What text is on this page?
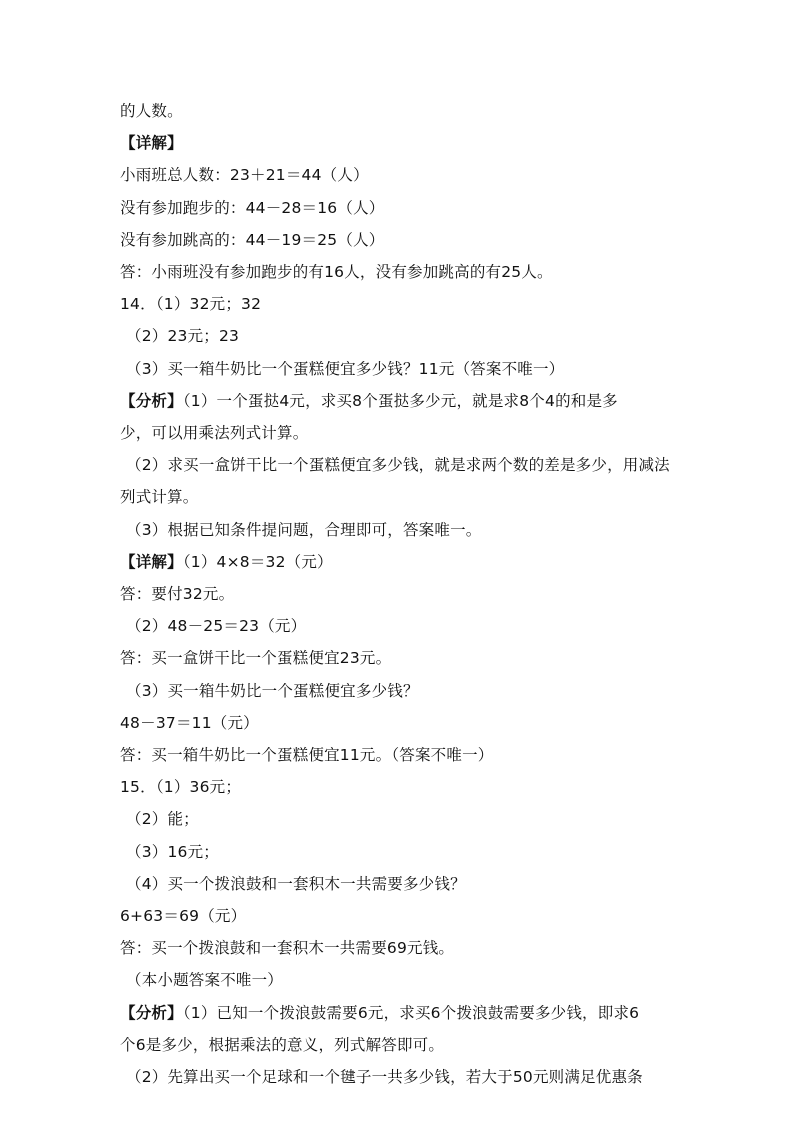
的人数。
【详解】
小雨班总人数：23＋21＝44（人）
没有参加跑步的：44－28＝16（人）
没有参加跳高的：44－19＝25（人）
答：小雨班没有参加跑步的有16人，没有参加跳高的有25人。
14．（1）32元；32
（2）23元；23
（3）买一箱牛奶比一个蛋糕便宜多少钱？11元（答案不唯一）
【分析】（1）一个蛋挞4元，求买8个蛋挞多少元，就是求8个4的和是多
少，可以用乘法列式计算。
（2）求买一盒饼干比一个蛋糕便宜多少钱，就是求两个数的差是多少，用减法
列式计算。
（3）根据已知条件提问题，合理即可，答案唯一。
【详解】（1）4×8＝32（元）
答：要付32元。
（2）48－25＝23（元）
答：买一盒饼干比一个蛋糕便宜23元。
（3）买一箱牛奶比一个蛋糕便宜多少钱？
48－37＝11（元）
答：买一箱牛奶比一个蛋糕便宜11元。（答案不唯一）
15．（1）36元；
（2）能；
（3）16元；
（4）买一个拨浪鼓和一套积木一共需要多少钱？
6+63＝69（元）
答：买一个拨浪鼓和一套积木一共需要69元钱。
（本小题答案不唯一）
【分析】（1）已知一个拨浪鼓需要6元，求买6个拨浪鼓需要多少钱，即求6
个6是多少，根据乘法的意义，列式解答即可。
（2）先算出买一个足球和一个毽子一共多少钱，若大于50元则满足优惠条
